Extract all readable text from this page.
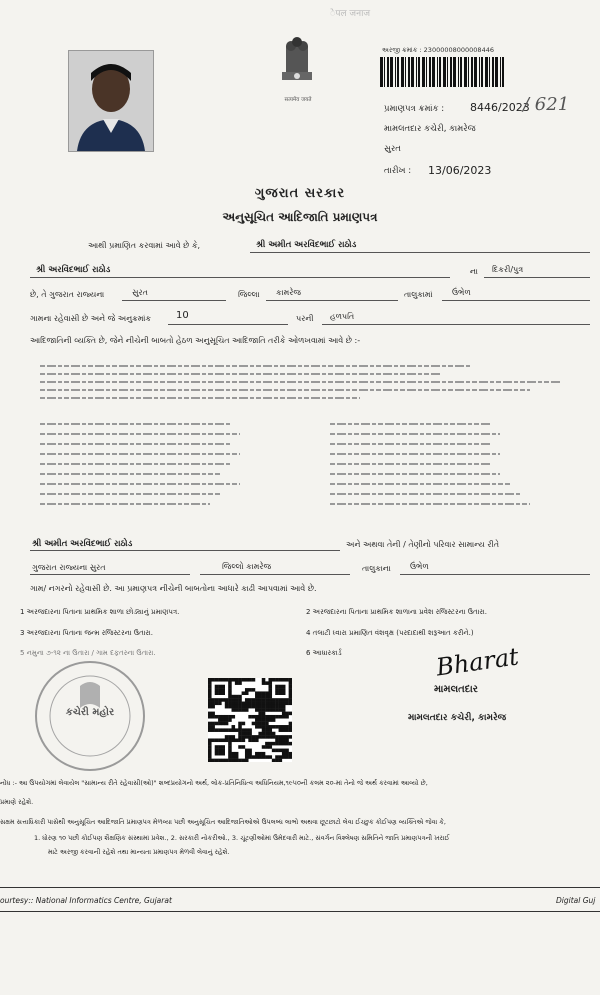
ेेपल जनाज
सत्यमेव जयते
અરજી ક્રમાંક : 23000008000008446
પ્રમાણપત્ર ક્રમાંક : 8446/2023
/ 621
મામલતદાર કચેરી, કામરેજ
સુરત
તારીખ : 13/06/2023
ગુજરાત સરકાર
અનુસૂચિત આદિજાતિ પ્રમાણપત્ર
આથી પ્રમાણિત કરવામાં આવે છે કે,	શ્રી અમીત અરવિંદભાઈ રાઠોડ
શ્રી અરવિંદભાઈ રાઠોડ	ના દિકરી/પુત્ર
છે, તે ગુજરાત રાજ્યના	સુરત	જિલ્લા કામરેજ	તાલુકામાં ઉંભેળ
ગામના રહેવાસી છે અને જે અનુક્રમાંક 10	પરની હળપતિ
આદિજાતિની વ્યક્તિ છે, જેને નીચેની બાબતો હેઠળ અનુસૂચિત આદિજાતિ તરીકે ઓળખવામાં આવે છે :-
શ્રી અમીત અરવિંદભાઈ રાઠોડ	અને અથવા તેની / તેણીનો પરિવાર સામાન્ય રીતે
ગુજરાત રાજ્યના સુરત	જિલ્લો કામરેજ	તાલુકાના ઉંભેળ
ગામ/ નગરનો રહેવાસી છે. આ પ્રમાણપત્ર નીચેની બાબતોના આધારે કાઢી આપવામાં આવે છે.
1 અરજદારના પિતાના પ્રાથમિક શાળા છોડ્યાનું પ્રમાણપત્ર.	2 અરજદારના પિતાના પ્રાથમિક શાળાના પ્રવેશ રજિસ્ટરના ઉતારા.
3 અરજદારના પિતાના જન્મ રજિસ્ટરના ઉતારા.	4 તલાટી ધ્વારા પ્રમાણિત વંશવૃક્ષ (પરદાદાથી શરૂઆત કરીને.)
5 નમુના ૭-૧૨ ના ઉતારા / ગામ દફતરના ઉતારા.	6 આધારકાર્ડ
કચેરી મહોર
Bharat
મામલતદાર
મામલતદાર કચેરી, કામરેજ
નોંધ :- આ ઉપયોગમાં લેવાયેલ "સામાન્ય રીતે રહેવાસી(ઓ)" શબ્દપ્રયોગનો અર્થ, લોક-પ્રતિનિધિત્વ અધિનિયમ,૧૯૫૦ની કલમ ૨૦-માં તેનો જે અર્થ કરવામાં આવ્યો છે,
પ્રમાણે રહેશે.
સક્ષમ સત્તાધિકારી પાસેથી અનુસૂચિત આદિજાતિ પ્રમાણપત્ર મેળવ્યા પછી અનુસૂચિત આદિજાતિઓએ ઉપલબ્ધ લાભો અથવા છૂટછાટો લેવા ઈચ્છુક કોઈપણ વ્યક્તિએ જેવા કે,
1. ધોરણ ૧૦ પછી કોઈપણ શૈક્ષણિક સંસ્થામાં પ્રવેશ., 2. સરકારી નોકરીઓ., 3. ચૂંટણીઓમાં ઉમેદવારી માટે., સંવર્ગન વિશ્લેષણ સમિતિને જાતિ પ્રમાણપત્રની ખરાઈ
માટે અરજી કરવાની રહેશે તથા માન્યતા પ્રમાણપત્ર મેળવી લેવાનું રહેશે.
ourtesy:: National Informatics Centre, Gujarat	Digital Guj
